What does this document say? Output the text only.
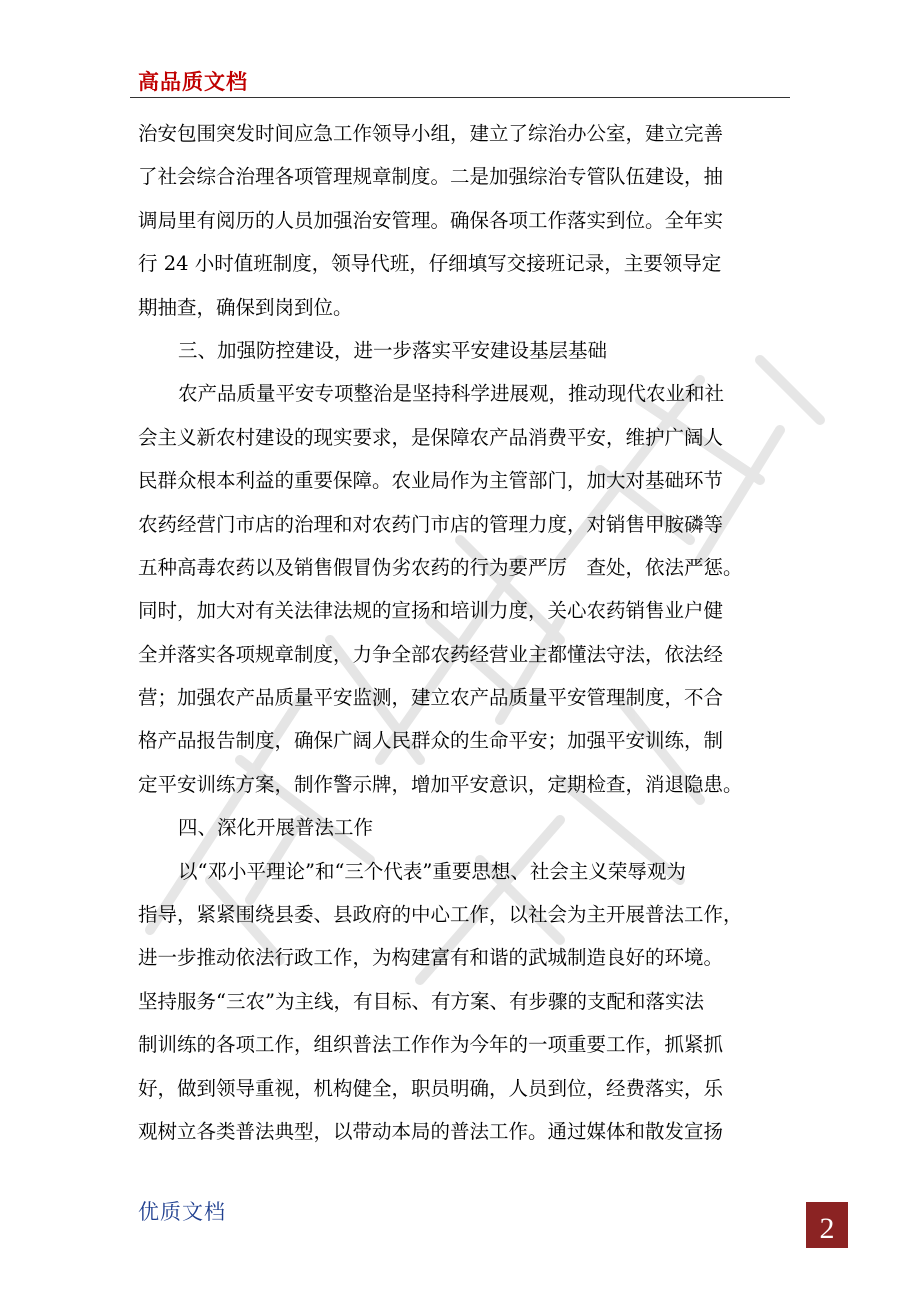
高品质文档
治安包围突发时间应急工作领导小组，建立了综治办公室，建立完善
了社会综合治理各项管理规章制度。二是加强综治专管队伍建设，抽
调局里有阅历的人员加强治安管理。确保各项工作落实到位。全年实
行 24 小时值班制度，领导代班，仔细填写交接班记录，主要领导定
期抽查，确保到岗到位。
三、加强防控建设，进一步落实平安建设基层基础
农产品质量平安专项整治是坚持科学进展观，推动现代农业和社
会主义新农村建设的现实要求，是保障农产品消费平安，维护广阔人
民群众根本利益的重要保障。农业局作为主管部门，加大对基础环节
农药经营门市店的治理和对农药门市店的管理力度，对销售甲胺磷等
五种高毒农药以及销售假冒伪劣农药的行为要严厉　查处，依法严惩。
同时，加大对有关法律法规的宣扬和培训力度，关心农药销售业户健
全并落实各项规章制度，力争全部农药经营业主都懂法守法，依法经
营；加强农产品质量平安监测，建立农产品质量平安管理制度，不合
格产品报告制度，确保广阔人民群众的生命平安；加强平安训练，制
定平安训练方案，制作警示牌，增加平安意识，定期检查，消退隐患。
四、深化开展普法工作
以“邓小平理论”和“三个代表”重要思想、社会主义荣辱观为
指导，紧紧围绕县委、县政府的中心工作，以社会为主开展普法工作，
进一步推动依法行政工作，为构建富有和谐的武城制造良好的环境。
坚持服务“三农”为主线，有目标、有方案、有步骤的支配和落实法
制训练的各项工作，组织普法工作作为今年的一项重要工作，抓紧抓
好，做到领导重视，机构健全，职员明确，人员到位，经费落实，乐
观树立各类普法典型，以带动本局的普法工作。通过媒体和散发宣扬
优质文档	2
